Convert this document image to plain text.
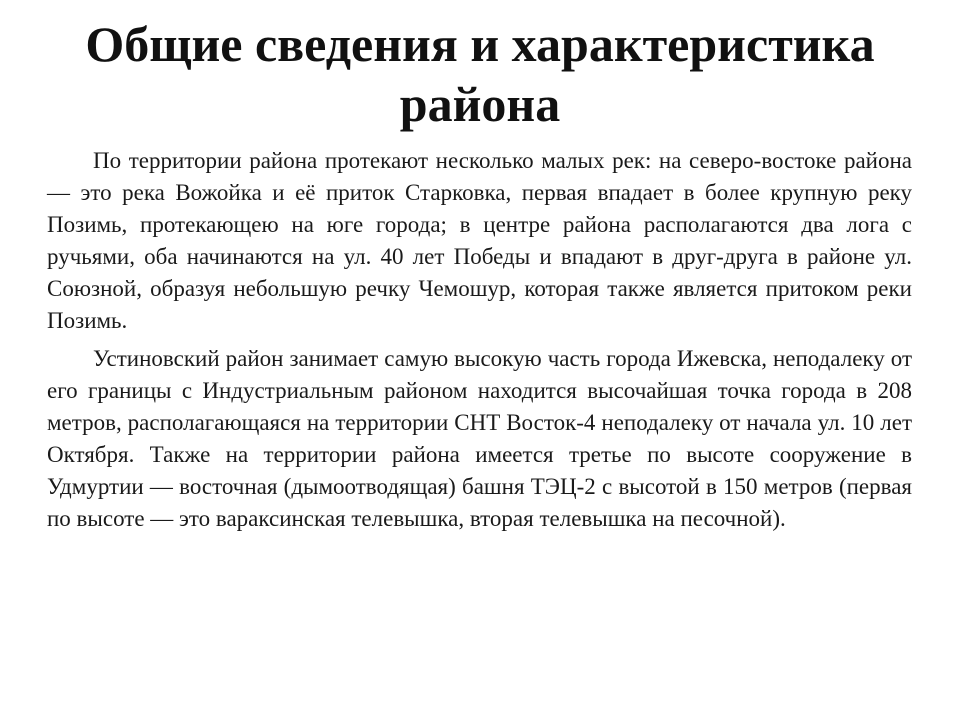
Общие сведения и характеристика района

По территории района протекают несколько малых рек: на северо-востоке района — это река Вожойка и её приток Старковка, первая впадает в более крупную реку Позимь, протекающею на юге города; в центре района располагаются два лога с ручьями, оба начинаются на ул. 40 лет Победы и впадают в друг-друга в районе ул. Союзной, образуя небольшую речку Чемошур, которая также является притоком реки Позимь.

Устиновский район занимает самую высокую часть города Ижевска, неподалеку от его границы с Индустриальным районом находится высочайшая точка города в 208 метров, располагающаяся на территории СНТ Восток-4 неподалеку от начала ул. 10 лет Октября. Также на территории района имеется третье по высоте сооружение в Удмуртии — восточная (дымоотводящая) башня ТЭЦ-2 с высотой в 150 метров (первая по высоте — это вараксинская телевышка, вторая телевышка на песочной).
